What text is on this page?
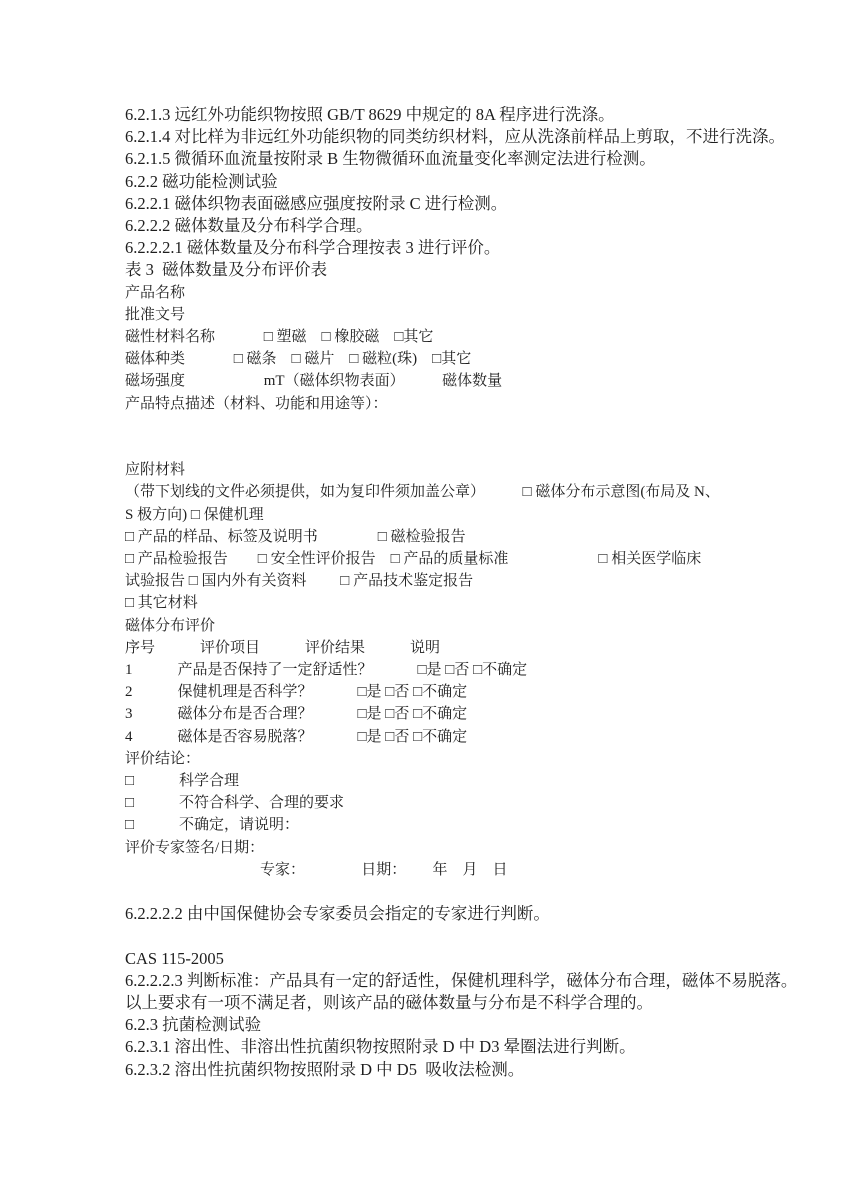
6.2.1.3 远红外功能织物按照 GB/T 8629 中规定的 8A 程序进行洗涤。
6.2.1.4 对比样为非远红外功能织物的同类纺织材料，应从洗涤前样品上剪取，不进行洗涤。
6.2.1.5 微循环血流量按附录 B 生物微循环血流量变化率测定法进行检测。
6.2.2 磁功能检测试验
6.2.2.1 磁体织物表面磁感应强度按附录 C 进行检测。
6.2.2.2 磁体数量及分布科学合理。
6.2.2.2.1 磁体数量及分布科学合理按表 3 进行评价。
表 3  磁体数量及分布评价表
产品名称
批准文号
磁性材料名称　　　 □ 塑磁　□ 橡胶磁　□其它
磁体种类　　　 □ 磁条　□ 磁片　□ 磁粒(珠)　□其它
磁场强度　　　　　 mT（磁体织物表面）　　　磁体数量
产品特点描述（材料、功能和用途等）：
应附材料
（带下划线的文件必须提供，如为复印件须加盖公章）　　　□ 磁体分布示意图(布局及 N、
S 极方向) □ 保健机理
□ 产品的样品、标签及说明书　　　　□ 磁检验报告
□ 产品检验报告　　□ 安全性评价报告　□ 产品的质量标准　　　　　　□ 相关医学临床
试验报告 □ 国内外有关资料　　 □ 产品技术鉴定报告
□ 其它材料
磁体分布评价
序号　　　评价项目　　　评价结果　　　说明
1　　　产品是否保持了一定舒适性？　　　□是 □否 □不确定
2　　　保健机理是否科学？　　　□是 □否 □不确定
3　　　磁体分布是否合理？　　　□是 □否 □不确定
4　　　磁体是否容易脱落？　　　□是 □否 □不确定
评价结论：
□　　　科学合理
□　　　不符合科学、合理的要求
□　　　不确定，请说明：
评价专家签名/日期：
　　　　　　　　　专家：　　　　 日期：　　 年　月　日
6.2.2.2.2 由中国保健协会专家委员会指定的专家进行判断。
CAS 115-2005
6.2.2.2.3 判断标准：产品具有一定的舒适性，保健机理科学，磁体分布合理，磁体不易脱落。
以上要求有一项不满足者，则该产品的磁体数量与分布是不科学合理的。
6.2.3 抗菌检测试验
6.2.3.1 溶出性、非溶出性抗菌织物按照附录 D 中 D3 晕圈法进行判断。
6.2.3.2 溶出性抗菌织物按照附录 D 中 D5  吸收法检测。
